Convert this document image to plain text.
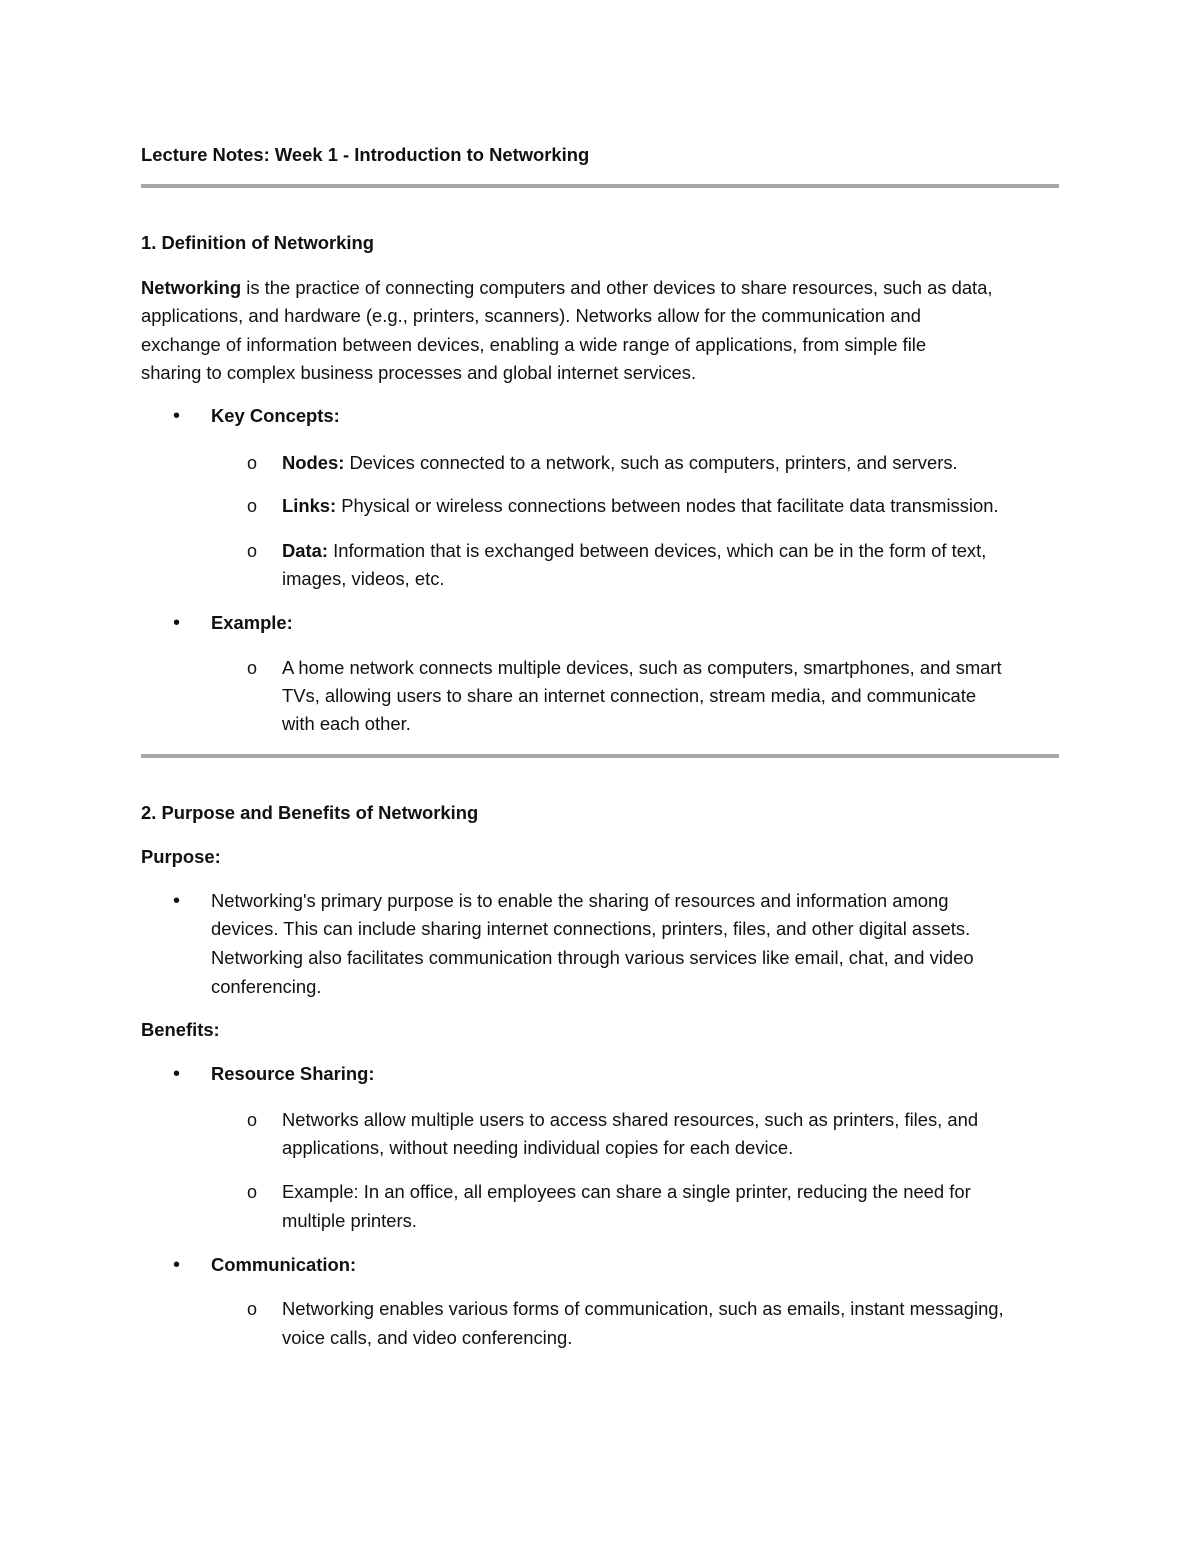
Lecture Notes: Week 1 - Introduction to Networking
1. Definition of Networking
Networking is the practice of connecting computers and other devices to share resources, such as data,
applications, and hardware (e.g., printers, scanners). Networks allow for the communication and
exchange of information between devices, enabling a wide range of applications, from simple file
sharing to complex business processes and global internet services.
• Key Concepts:
o Nodes: Devices connected to a network, such as computers, printers, and servers.
o Links: Physical or wireless connections between nodes that facilitate data transmission.
o Data: Information that is exchanged between devices, which can be in the form of text,
images, videos, etc.
• Example:
o A home network connects multiple devices, such as computers, smartphones, and smart
TVs, allowing users to share an internet connection, stream media, and communicate
with each other.
2. Purpose and Benefits of Networking
Purpose:
• Networking's primary purpose is to enable the sharing of resources and information among
devices. This can include sharing internet connections, printers, files, and other digital assets.
Networking also facilitates communication through various services like email, chat, and video
conferencing.
Benefits:
• Resource Sharing:
o Networks allow multiple users to access shared resources, such as printers, files, and
applications, without needing individual copies for each device.
o Example: In an office, all employees can share a single printer, reducing the need for
multiple printers.
• Communication:
o Networking enables various forms of communication, such as emails, instant messaging,
voice calls, and video conferencing.
